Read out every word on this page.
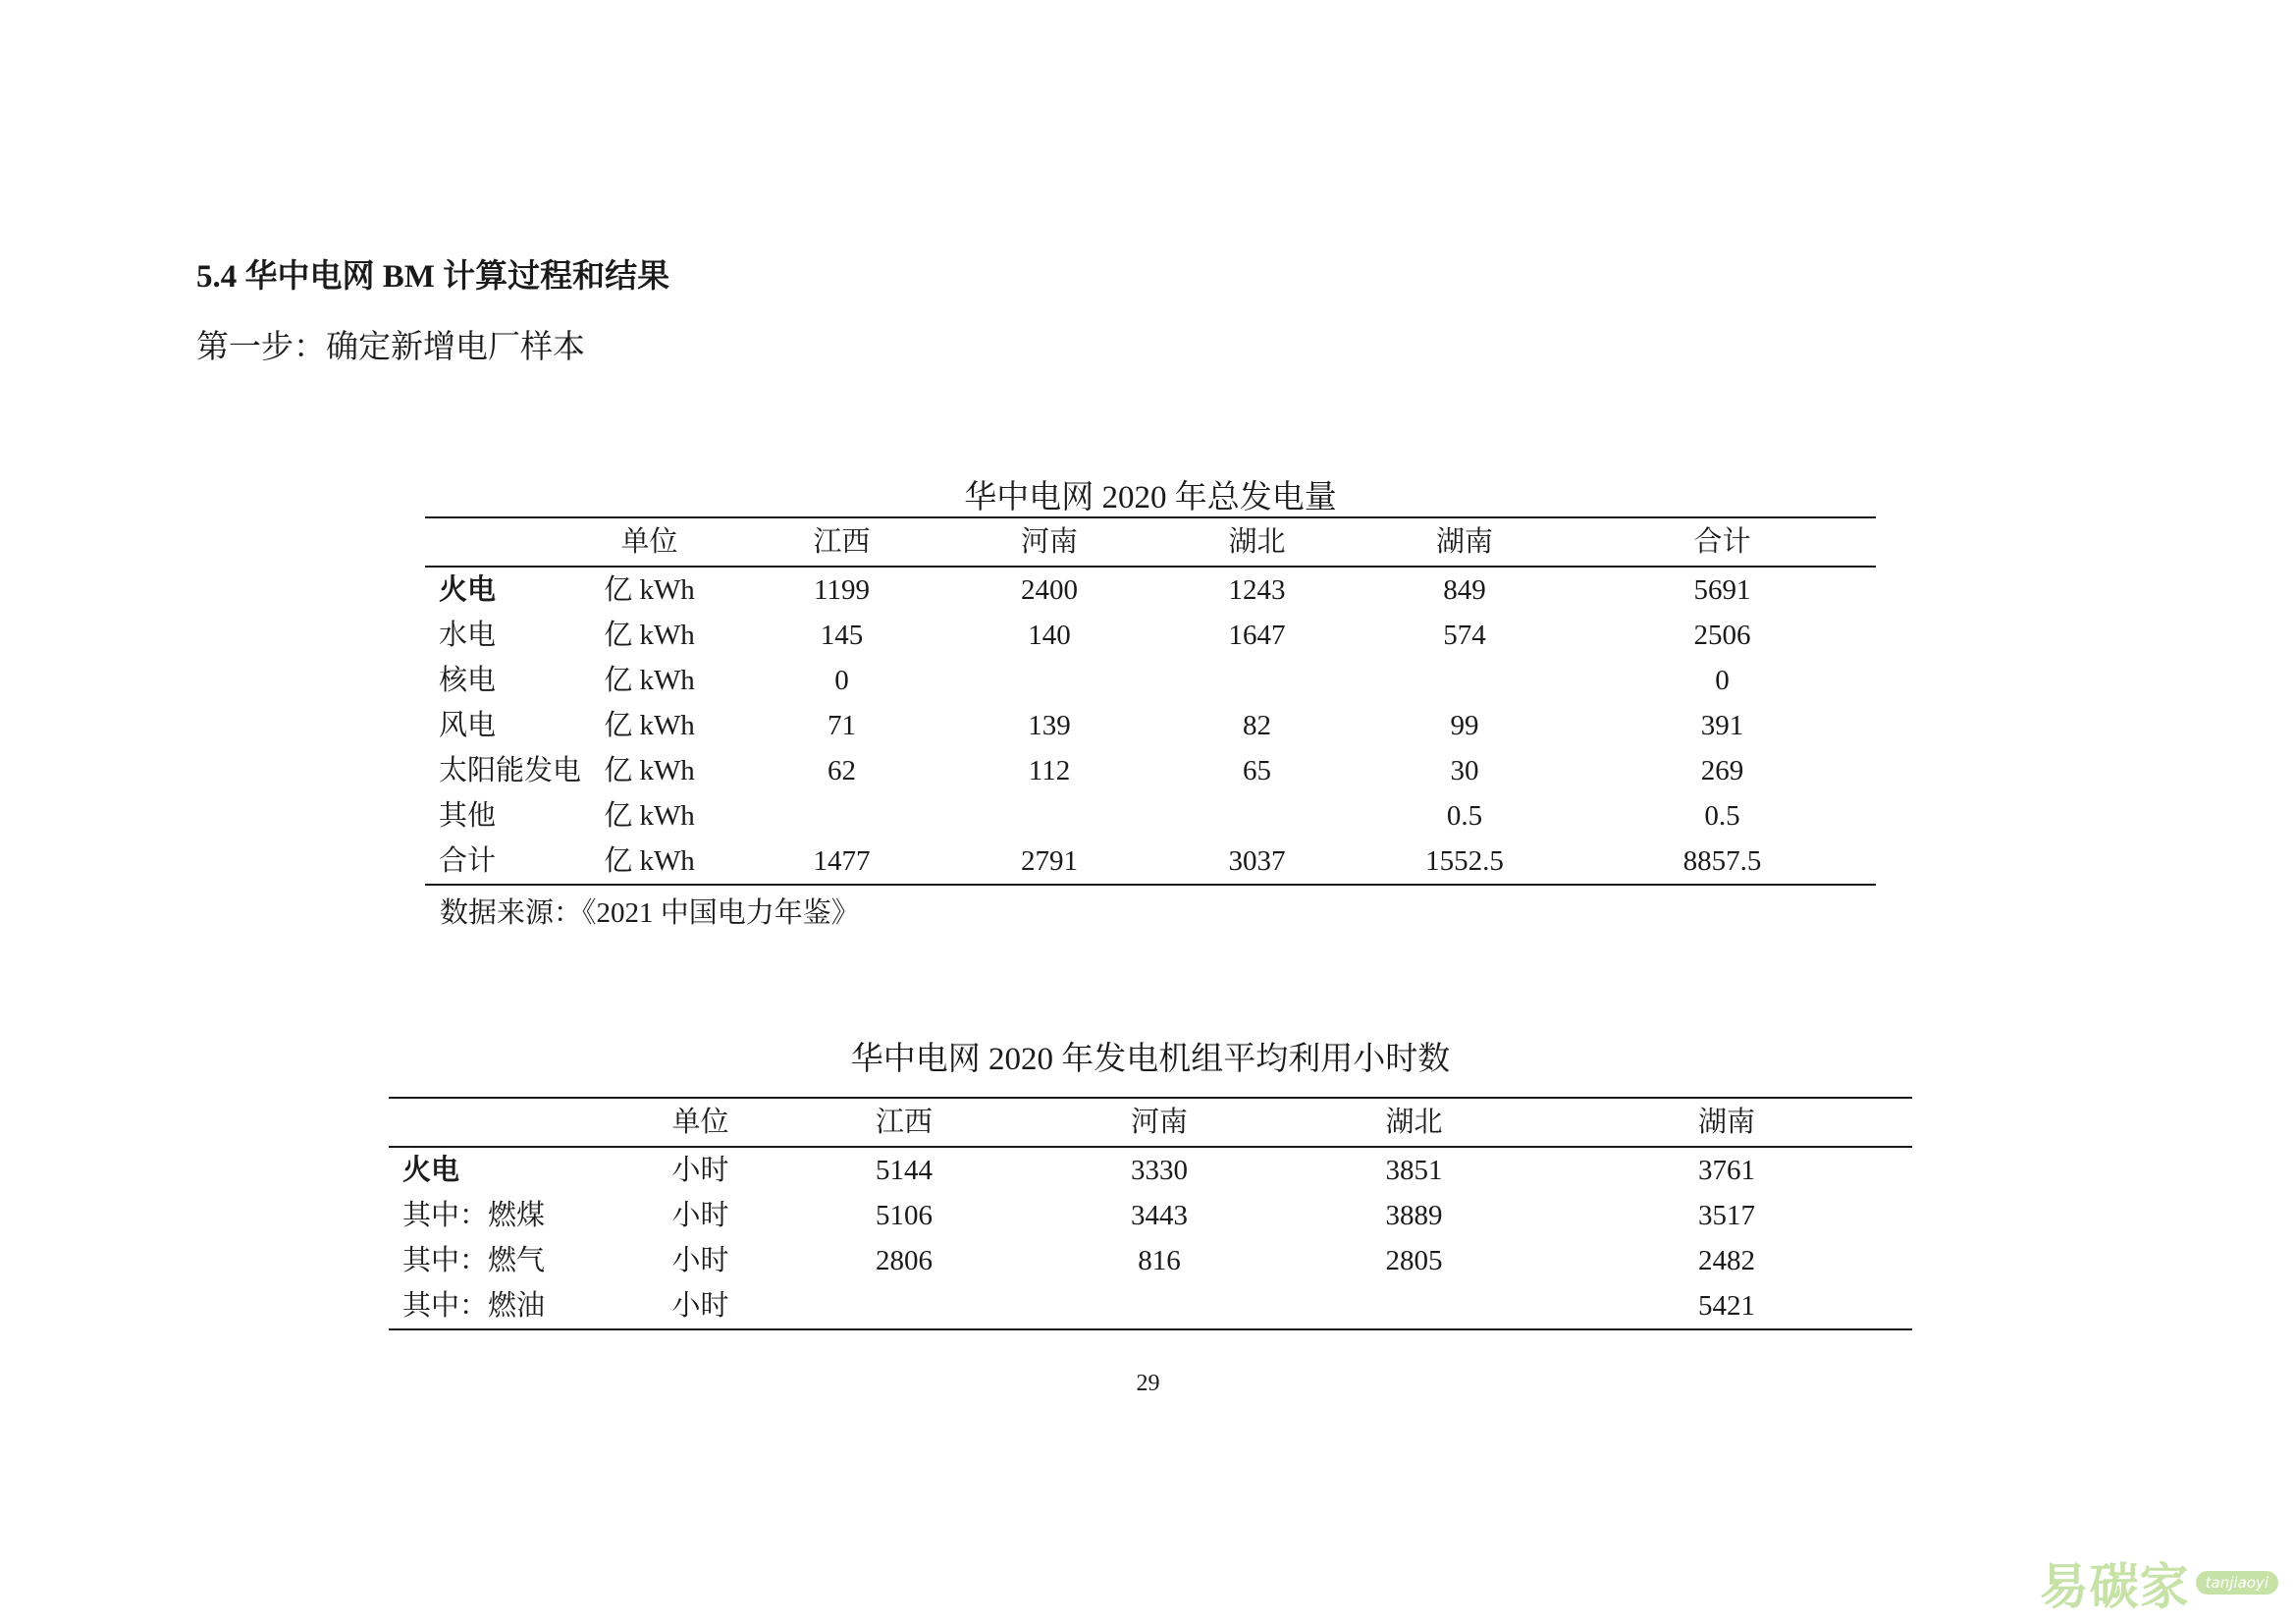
5.4 华中电网 BM 计算过程和结果
第一步：确定新增电厂样本
华中电网 2020 年总发电量
	单位	江西	河南	湖北	湖南	合计
火电	亿 kWh	1199	2400	1243	849	5691
水电	亿 kWh	145	140	1647	574	2506
核电	亿 kWh	0				0
风电	亿 kWh	71	139	82	99	391
太阳能发电	亿 kWh	62	112	65	30	269
其他	亿 kWh				0.5	0.5
合计	亿 kWh	1477	2791	3037	1552.5	8857.5
数据来源：《2021 中国电力年鉴》
华中电网 2020 年发电机组平均利用小时数
	单位	江西	河南	湖北	湖南
火电	小时	5144	3330	3851	3761
其中：燃煤	小时	5106	3443	3889	3517
其中：燃气	小时	2806	816	2805	2482
其中：燃油	小时				5421
29
易碳家	tanjiaoyi
